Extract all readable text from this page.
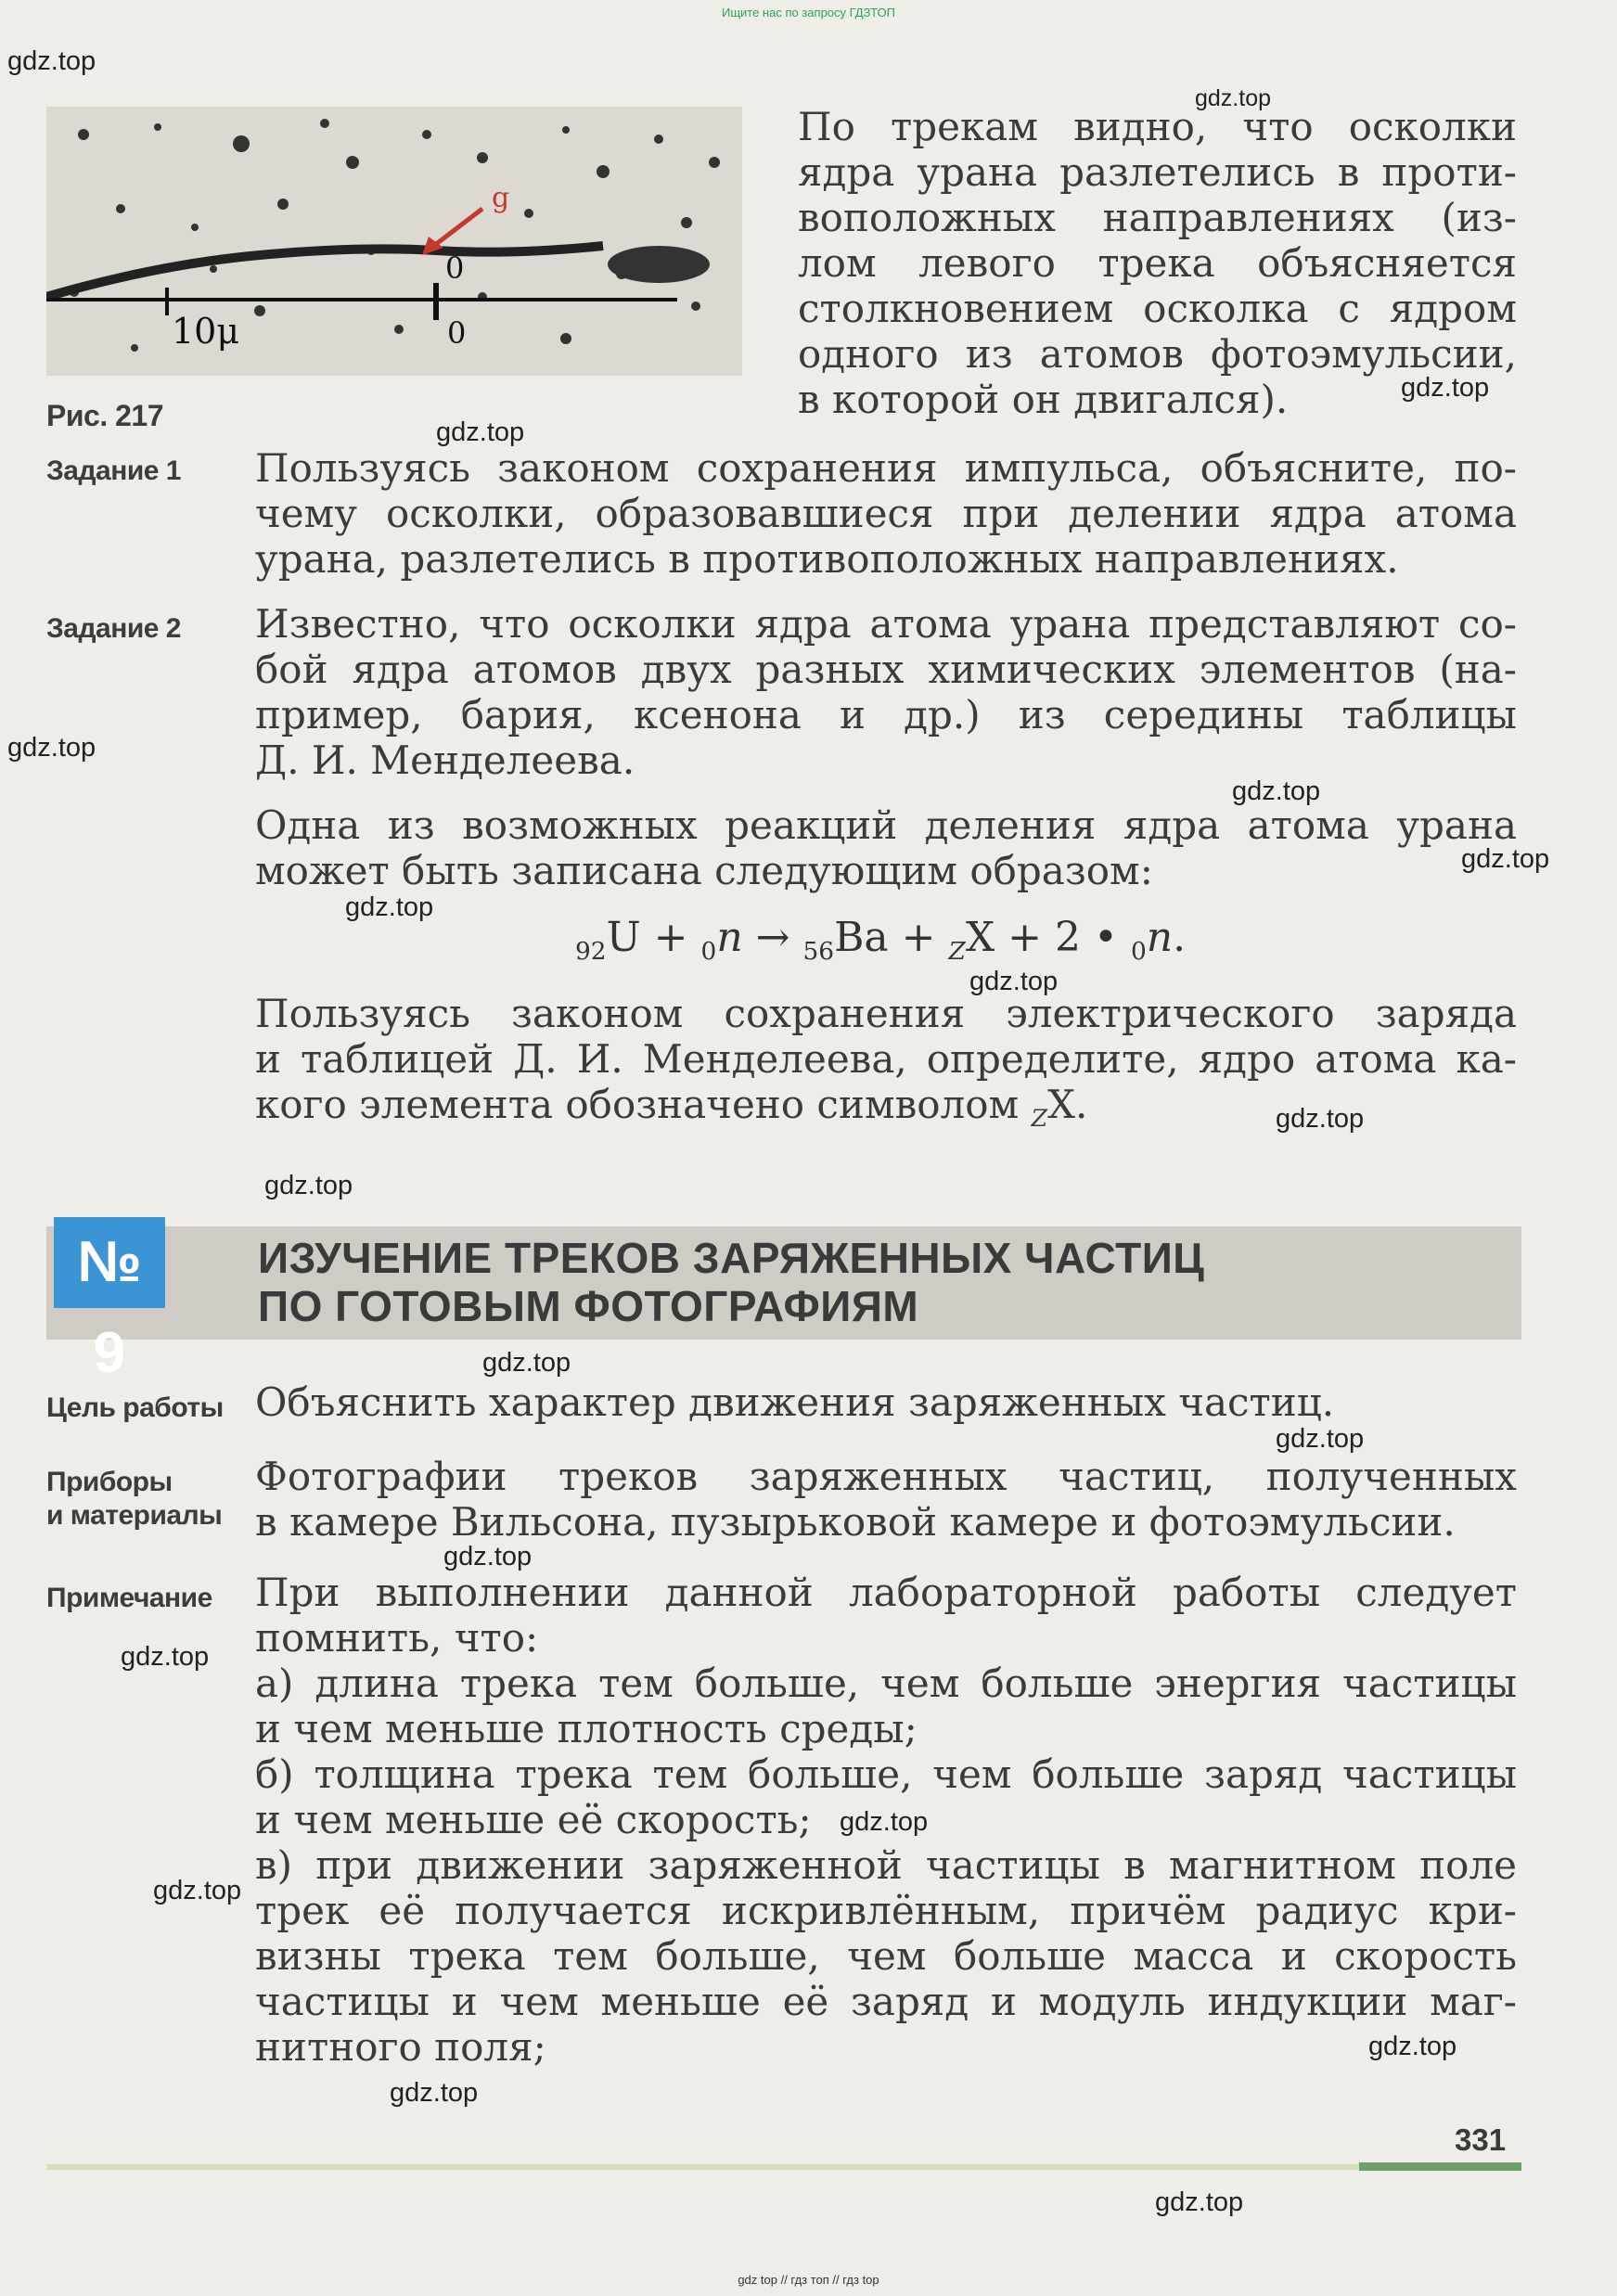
Ищите нас по запросу ГДЗТОП
g
10μ
0
0
Рис. 217
По трекам видно, что осколки
ядра урана разлетелись в проти-
воположных направлениях (из-
лом левого трека объясняется
столкновением осколка с ядром
одного из атомов фотоэмульсии,
в которой он двигался).
Задание 1 Пользуясь законом сохранения импульса, объясните, по-
чему осколки, образовавшиеся при делении ядра атома
урана, разлетелись в противоположных направлениях.
Задание 2 Известно, что осколки ядра атома урана представляют со-
бой ядра атомов двух разных химических элементов (на-
пример, бария, ксенона и др.) из середины таблицы
Д. И. Менделеева.
Одна из возможных реакций деления ядра атома урана
может быть записана следующим образом:
$_{92}$U + $_0$n → $_{56}$Ba + $_Z$X + 2 • $_0$n.
Пользуясь законом сохранения электрического заряда
и таблицей Д. И. Менделеева, определите, ядро атома ка-
кого элемента обозначено символом $_Z$X.
№ 9
ИЗУЧЕНИЕ ТРЕКОВ ЗАРЯЖЕННЫХ ЧАСТИЦ
ПО ГОТОВЫМ ФОТОГРАФИЯМ
Цель работы Объяснить характер движения заряженных частиц.
Приборы
и материалы
Фотографии треков заряженных частиц, полученных
в камере Вильсона, пузырьковой камере и фотоэмульсии.
Примечание При выполнении данной лабораторной работы следует
помнить, что:
а) длина трека тем больше, чем больше энергия частицы
и чем меньше плотность среды;
б) толщина трека тем больше, чем больше заряд частицы
и чем меньше её скорость;
в) при движении заряженной частицы в магнитном поле
трек её получается искривлённым, причём радиус кри-
визны трека тем больше, чем больше масса и скорость
частицы и чем меньше её заряд и модуль индукции маг-
нитного поля;
331
gdz top // гдз топ // гдз top
gdz.top
gdz.top
gdz.top
gdz.top
gdz.top
gdz.top
gdz.top
gdz.top
gdz.top
gdz.top
gdz.top
gdz.top
gdz.top
gdz.top
gdz.top
gdz.top
gdz.top
gdz.top
gdz.top
gdz.top
